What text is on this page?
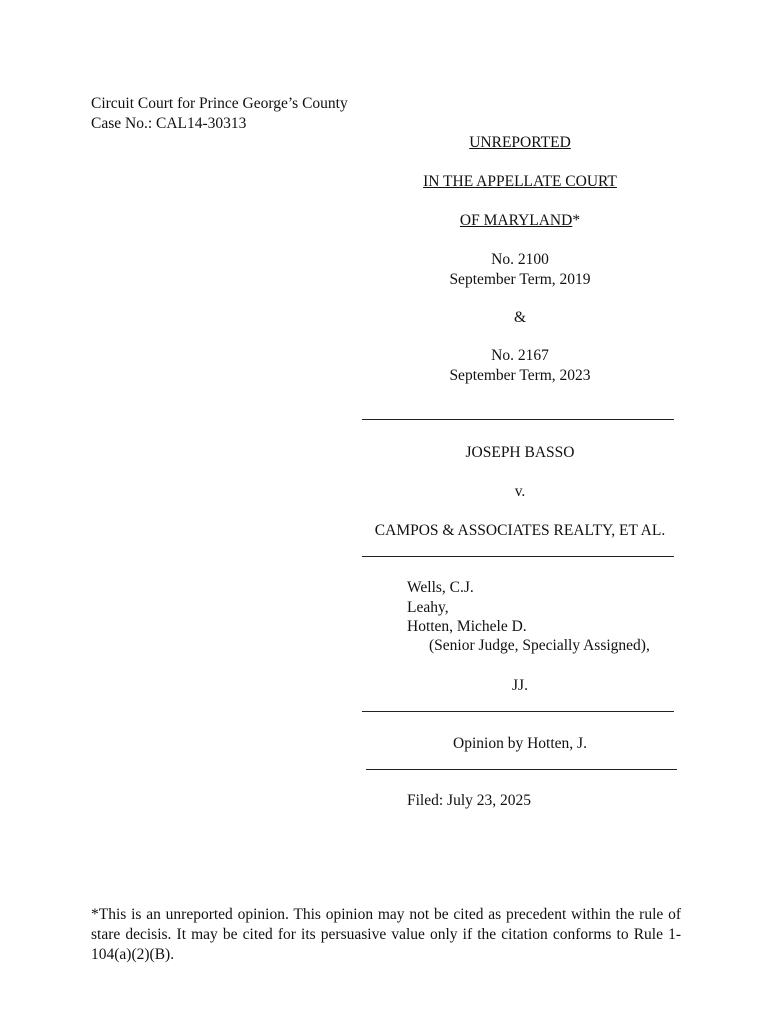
Circuit Court for Prince George’s County
Case No.: CAL14-30313
UNREPORTED
IN THE APPELLATE COURT
OF MARYLAND*
No. 2100
September Term, 2019
&
No. 2167
September Term, 2023
JOSEPH BASSO
v.
CAMPOS & ASSOCIATES REALTY, ET AL.
Wells, C.J.
Leahy,
Hotten, Michele D.
(Senior Judge, Specially Assigned),
JJ.
Opinion by Hotten, J.
Filed: July 23, 2025
*This is an unreported opinion. This opinion may not be cited as precedent within the rule of stare decisis. It may be cited for its persuasive value only if the citation conforms to Rule 1-104(a)(2)(B).
